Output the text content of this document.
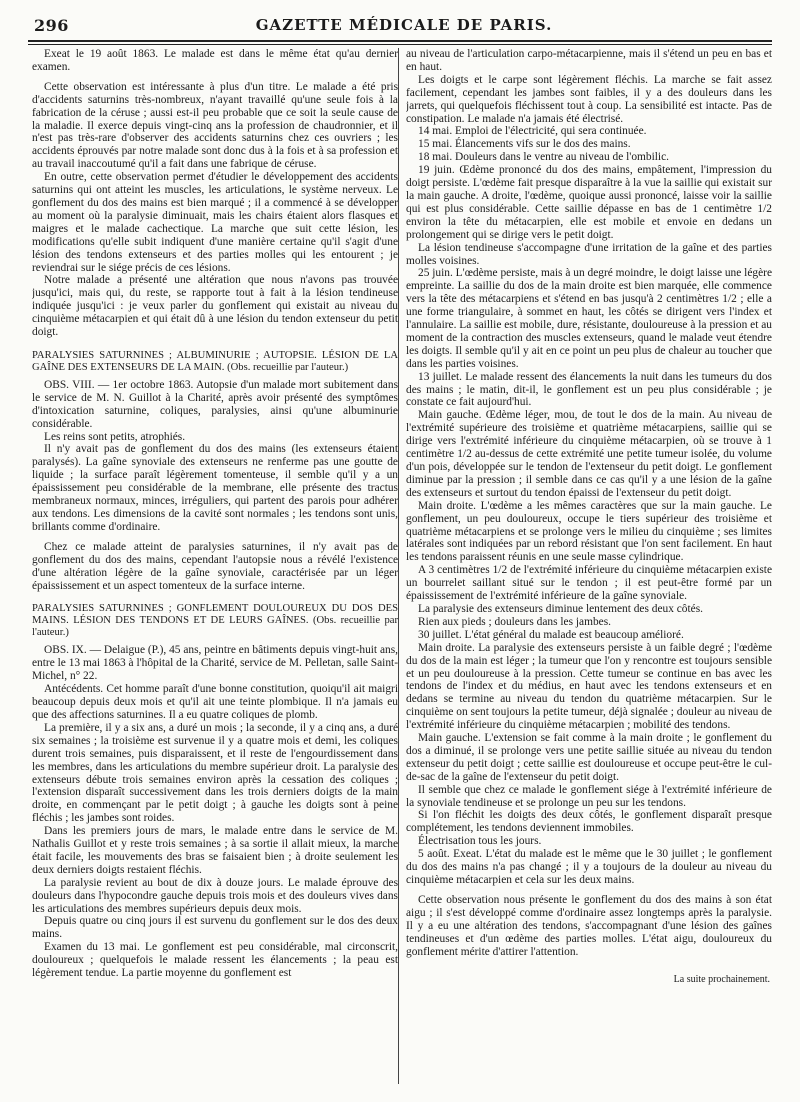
296	GAZETTE MÉDICALE DE PARIS.

Exeat le 19 août 1863. Le malade est dans le même état qu'au dernier examen.

Cette observation est intéressante à plus d'un titre. Le malade a été pris d'accidents saturnins très-nombreux, n'ayant travaillé qu'une seule fois à la fabrication de la céruse ; aussi est-il peu probable que ce soit la seule cause de la maladie. Il exerce depuis vingt-cinq ans la profession de chaudronnier, et il n'est pas très-rare d'observer des accidents saturnins chez ces ouvriers ; les accidents éprouvés par notre malade sont donc dus à la fois et à sa profession et au travail inaccoutumé qu'il a fait dans une fabrique de céruse.

En outre, cette observation permet d'étudier le développement des accidents saturnins qui ont atteint les muscles, les articulations, le système nerveux. Le gonflement du dos des mains est bien marqué ; il a commencé à se développer au moment où la paralysie diminuait, mais les chairs étaient alors flasques et maigres et le malade cachectique. La marche que suit cette lésion, les modifications qu'elle subit indiquent d'une manière certaine qu'il s'agit d'une lésion des tendons extenseurs et des parties molles qui les entourent ; je reviendrai sur le siége précis de ces lésions.

Notre malade a présenté une altération que nous n'avons pas trouvée jusqu'ici, mais qui, du reste, se rapporte tout à fait à la lésion tendineuse indiquée jusqu'ici : je veux parler du gonflement qui existait au niveau du cinquième métacarpien et qui était dû à une lésion du tendon extenseur du petit doigt.

PARALYSIES SATURNINES ; ALBUMINURIE ; AUTOPSIE. LÉSION DE LA GAÎNE DES EXTENSEURS DE LA MAIN. (Obs. recueillie par l'auteur.)

OBS. VIII. — 1er octobre 1863. Autopsie d'un malade mort subitement dans le service de M. N. Guillot à la Charité, après avoir présenté des symptômes d'intoxication saturnine, coliques, paralysies, ainsi qu'une albuminurie considérable.

Les reins sont petits, atrophiés.

Il n'y avait pas de gonflement du dos des mains (les extenseurs étaient paralysés). La gaîne synoviale des extenseurs ne renferme pas une goutte de liquide ; la surface paraît légèrement tomenteuse, il semble qu'il y a un épaississement peu considérable de la membrane, elle présente des tractus membraneux normaux, minces, irréguliers, qui partent des parois pour adhérer aux tendons. Les dimensions de la cavité sont normales ; les tendons sont unis, brillants comme d'ordinaire.

Chez ce malade atteint de paralysies saturnines, il n'y avait pas de gonflement du dos des mains, cependant l'autopsie nous a révélé l'existence d'une altération légère de la gaîne synoviale, caractérisée par un léger épaississement et un aspect tomenteux de la surface interne.

PARALYSIES SATURNINES ; GONFLEMENT DOULOUREUX DU DOS DES MAINS. LÉSION DES TENDONS ET DE LEURS GAÎNES. (Obs. recueillie par l'auteur.)

OBS. IX. — Delaigue (P.), 45 ans, peintre en bâtiments depuis vingt-huit ans, entre le 13 mai 1863 à l'hôpital de la Charité, service de M. Pelletan, salle Saint-Michel, n° 22.

Antécédents. Cet homme paraît d'une bonne constitution, quoiqu'il ait maigri beaucoup depuis deux mois et qu'il ait une teinte plombique. Il n'a jamais eu que des affections saturnines. Il a eu quatre coliques de plomb.

La première, il y a six ans, a duré un mois ; la seconde, il y a cinq ans, a duré six semaines ; la troisième est survenue il y a quatre mois et demi, les coliques durent trois semaines, puis disparaissent, et il reste de l'engourdissement dans les membres, dans les articulations du membre supérieur droit. La paralysie des extenseurs débute trois semaines environ après la cessation des coliques ; l'extension disparaît successivement dans les trois derniers doigts de la main droite, en commençant par le petit doigt ; à gauche les doigts sont à peine fléchis ; les jambes sont roides.

Dans les premiers jours de mars, le malade entre dans le service de M. Nathalis Guillot et y reste trois semaines ; à sa sortie il allait mieux, la marche était facile, les mouvements des bras se faisaient bien ; à droite seulement les deux derniers doigts restaient fléchis.

La paralysie revient au bout de dix à douze jours. Le malade éprouve des douleurs dans l'hypocondre gauche depuis trois mois et des douleurs vives dans les articulations des membres supérieurs depuis deux mois.

Depuis quatre ou cinq jours il est survenu du gonflement sur le dos des deux mains.

Examen du 13 mai. Le gonflement est peu considérable, mal circonscrit, douloureux ; quelquefois le malade ressent les élancements ; la peau est légèrement tendue. La partie moyenne du gonflement est

au niveau de l'articulation carpo-métacarpienne, mais il s'étend un peu en bas et en haut.

Les doigts et le carpe sont légèrement fléchis. La marche se fait assez facilement, cependant les jambes sont faibles, il y a des douleurs dans les jarrets, qui quelquefois fléchissent tout à coup. La sensibilité est intacte. Pas de constipation. Le malade n'a jamais été électrisé.

14 mai. Emploi de l'électricité, qui sera continuée.

15 mai. Élancements vifs sur le dos des mains.

18 mai. Douleurs dans le ventre au niveau de l'ombilic.

19 juin. Œdème prononcé du dos des mains, empâtement, l'impression du doigt persiste. L'œdème fait presque disparaître à la vue la saillie qui existait sur la main gauche. A droite, l'œdème, quoique aussi prononcé, laisse voir la saillie qui est plus considérable. Cette saillie dépasse en bas de 1 centimètre 1/2 environ la tête du métacarpien, elle est mobile et envoie en dedans un prolongement qui se dirige vers le petit doigt.

La lésion tendineuse s'accompagne d'une irritation de la gaîne et des parties molles voisines.

25 juin. L'œdème persiste, mais à un degré moindre, le doigt laisse une légère empreinte. La saillie du dos de la main droite est bien marquée, elle commence vers la tête des métacarpiens et s'étend en bas jusqu'à 2 centimètres 1/2 ; elle a une forme triangulaire, à sommet en haut, les côtés se dirigent vers l'index et l'annulaire. La saillie est mobile, dure, résistante, douloureuse à la pression et au moment de la contraction des muscles extenseurs, quand le malade veut étendre les doigts. Il semble qu'il y ait en ce point un peu plus de chaleur au toucher que dans les parties voisines.

13 juillet. Le malade ressent des élancements la nuit dans les tumeurs du dos des mains ; le matin, dit-il, le gonflement est un peu plus considérable ; je constate ce fait aujourd'hui.

Main gauche. Œdème léger, mou, de tout le dos de la main. Au niveau de l'extrémité supérieure des troisième et quatrième métacarpiens, saillie qui se dirige vers l'extrémité inférieure du cinquième métacarpien, où se trouve à 1 centimètre 1/2 au-dessus de cette extrémité une petite tumeur isolée, du volume d'un pois, développée sur le tendon de l'extenseur du petit doigt. Le gonflement diminue par la pression ; il semble dans ce cas qu'il y a une lésion de la gaîne des extenseurs et surtout du tendon épaissi de l'extenseur du petit doigt.

Main droite. L'œdème a les mêmes caractères que sur la main gauche. Le gonflement, un peu douloureux, occupe le tiers supérieur des troisième et quatrième métacarpiens et se prolonge vers le milieu du cinquième ; ses limites latérales sont indiquées par un rebord résistant que l'on sent facilement. En haut les tendons paraissent réunis en une seule masse cylindrique.

A 3 centimètres 1/2 de l'extrémité inférieure du cinquième métacarpien existe un bourrelet saillant situé sur le tendon ; il est peut-être formé par un épaississement de l'extrémité inférieure de la gaîne synoviale.

La paralysie des extenseurs diminue lentement des deux côtés.

Rien aux pieds ; douleurs dans les jambes.

30 juillet. L'état général du malade est beaucoup amélioré.

Main droite. La paralysie des extenseurs persiste à un faible degré ; l'œdème du dos de la main est léger ; la tumeur que l'on y rencontre est toujours sensible et un peu douloureuse à la pression. Cette tumeur se continue en bas avec les tendons de l'index et du médius, en haut avec les tendons extenseurs et en dedans se termine au niveau du tendon du quatrième métacarpien. Sur le cinquième on sent toujours la petite tumeur, déjà signalée ; douleur au niveau de l'extrémité inférieure du cinquième métacarpien ; mobilité des tendons.

Main gauche. L'extension se fait comme à la main droite ; le gonflement du dos a diminué, il se prolonge vers une petite saillie située au niveau du tendon extenseur du petit doigt ; cette saillie est douloureuse et occupe peut-être le cul-de-sac de la gaîne de l'extenseur du petit doigt.

Il semble que chez ce malade le gonflement siége à l'extrémité inférieure de la synoviale tendineuse et se prolonge un peu sur les tendons.

Si l'on fléchit les doigts des deux côtés, le gonflement disparaît presque complétement, les tendons deviennent immobiles.

Électrisation tous les jours.

5 août. Exeat. L'état du malade est le même que le 30 juillet ; le gonflement du dos des mains n'a pas changé ; il y a toujours de la douleur au niveau du cinquième métacarpien et cela sur les deux mains.

Cette observation nous présente le gonflement du dos des mains à son état aigu ; il s'est développé comme d'ordinaire assez longtemps après la paralysie. Il y a eu une altération des tendons, s'accompagnant d'une lésion des gaînes tendineuses et d'un œdème des parties molles. L'état aigu, douloureux du gonflement mérite d'attirer l'attention.

La suite prochainement.
